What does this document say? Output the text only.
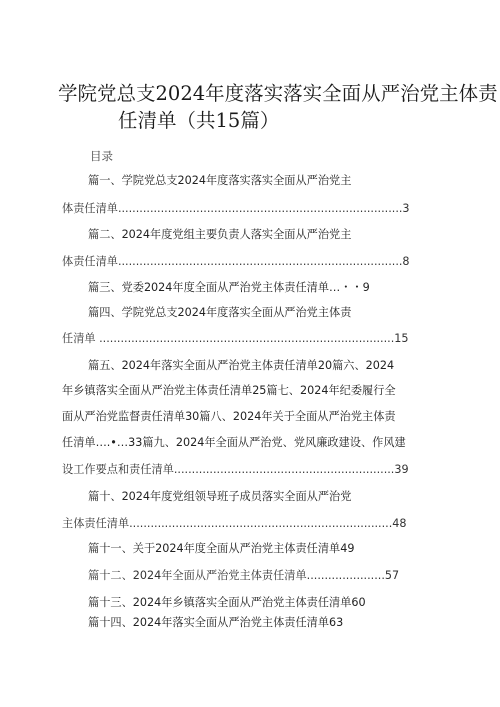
学院党总支2024年度落实落实全面从严治党主体责
任清单（共15篇）
目录
篇一、学院党总支2024年度落实落实全面从严治党主
体责任清单................................................................................3
篇二、2024年度党组主要负责人落实全面从严治党主
体责任清单................................................................................8
篇三、党委2024年度全面从严治党主体责任清单…・・9
篇四、学院党总支2024年度落实全面从严治党主体责
任清单 ...................................................................................15
篇五、2024年落实全面从严治党主体责任清单20篇六、2024
年乡镇落实全面从严治党主体责任清单25篇七、2024年纪委履行全
面从严治党监督责任清单30篇八、2024年关于全面从严治党主体责
任清单….•…33篇九、2024年全面从严治党、党风廉政建设、作风建
设工作要点和责任清单..............................................................39
篇十、2024年度党组领导班子成员落实全面从严治党
主体责任清单..........................................................................48
篇十一、关于2024年度全面从严治党主体责任清单49
篇十二、2024年全面从严治党主体责任清单......................57
篇十三、2024年乡镇落实全面从严治党主体责任清单60
篇十四、2024年落实全面从严治党主体责任清单63
